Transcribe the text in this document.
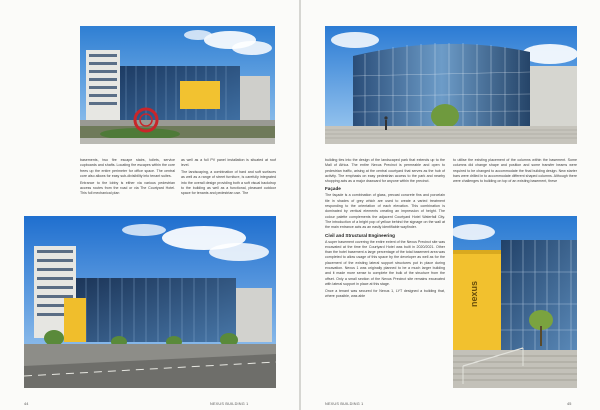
basements, two fire escape stairs, toilets, service cupboards and shafts. Locating fire escapes within the core frees up the entire perimeter for office space. The central core also allows for easy sub-divisibility into tenant suites.

Entrance to the lobby is either via various pedestrian access routes from the road or via The Courtyard Hotel. This full mechanical plan

as well as a full PV panel installation is situated at roof level.

The landscaping, a combination of hard and soft surfaces as well as a range of street furniture, is carefully integrated into the overall design providing both a soft visual backdrop to the building as well as a functional, pleasant outdoor space for tenants and pedestrian use. The

44	NEXUS BUILDING 1

building ties into the design of the landscaped park that extends up to the Mall of Africa. The entire Nexus Precinct is permeable and open to pedestrian traffic, arising at the central courtyard that serves as the hub of activity. The emphasis on easy pedestrian access to the park and nearby shopping acts as a major drawcard for anyone within the precinct.

Façade

The façade is a combination of glass, precast concrete fins and porcelain tile in shades of grey which are used to create a varied treatment responding to the orientation of each elevation. This combination is dominated by vertical elements creating an impression of height. The colour palette complements the adjacent Courtyard Hotel Waterfall City. The introduction of a bright pop of yellow behind the signage on the wall at the main entrance acts as an easily identifiable wayfinder.

Civil and Structural Engineering

A super basement covering the entire extent of the Nexus Precinct site was excavated at the time the Courtyard Hotel was built in 2020/2021. Other than the hotel basement a large percentage of the total basement area was completed to allow usage of this space by the developer as well as for the placement of the existing lateral support structures put in place during excavation. Nexus 1 was originally planned to be a much larger building and it made more sense to complete the bulk of the structure from the offset. Only a small section of the Nexus Precinct site remains excavated with lateral support in place at this stage.

Once a tenant was secured for Nexus 1, LYT designed a building that, where possible, was able

to utilise the existing placement of the columns within the basement. Some columns did change shape and position and some transfer beams were required to be changed to accommodate the final building design. New starter bars were drilled in to accommodate different shaped columns. Although there were challenges to building on top of an existing basement, these

nexus
NEXUS BUILDING 1	45
